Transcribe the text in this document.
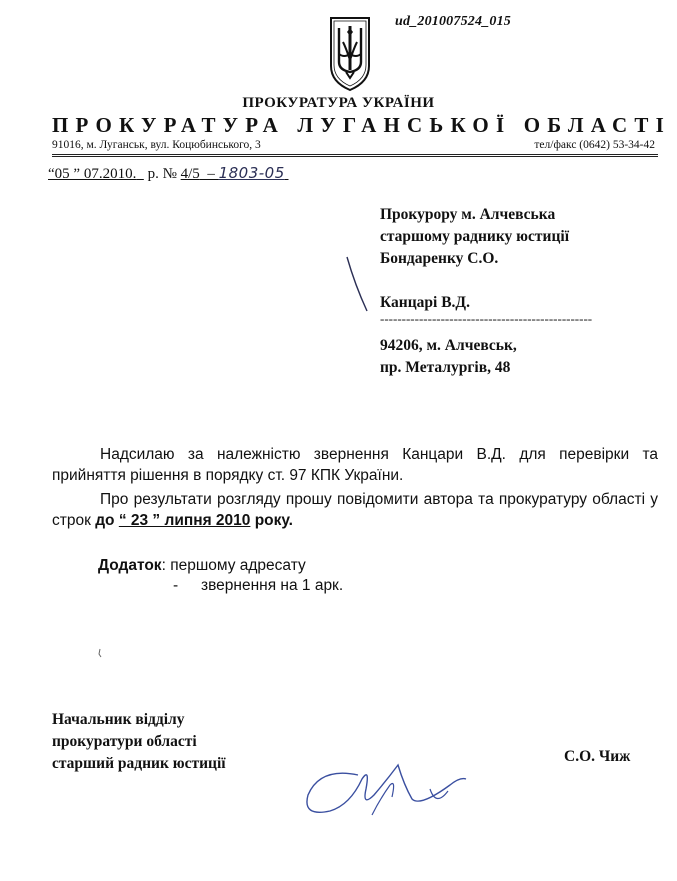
ud_201007524_015
ПРОКУРАТУРА УКРАЇНИ
ПРОКУРАТУРА ЛУГАНСЬКОЇ ОБЛАСТІ
91016, м. Луганськ, вул. Коцюбинського, 3	тел/факс (0642) 53-34-42
“05 ” 07.2010. р. № 4/5  – 1803-05
Прокурору м. Алчевська
старшому раднику юстиції
Бондаренку С.О.
Канцарі В.Д.
-------------------------------------------------
94206, м. Алчевськ,
пр. Металургів, 48

Надсилаю за належністю звернення Канцари В.Д. для перевірки та прийняття рішення в порядку ст. 97 КПК України.

Про результати розгляду прошу повідомити автора та прокуратуру області у строк до “ 23 ” липня 2010 року.

Додаток: першому адресату
- звернення на 1 арк.
Начальник відділу
прокуратури області
старший радник юстиції	С.О. Чиж
